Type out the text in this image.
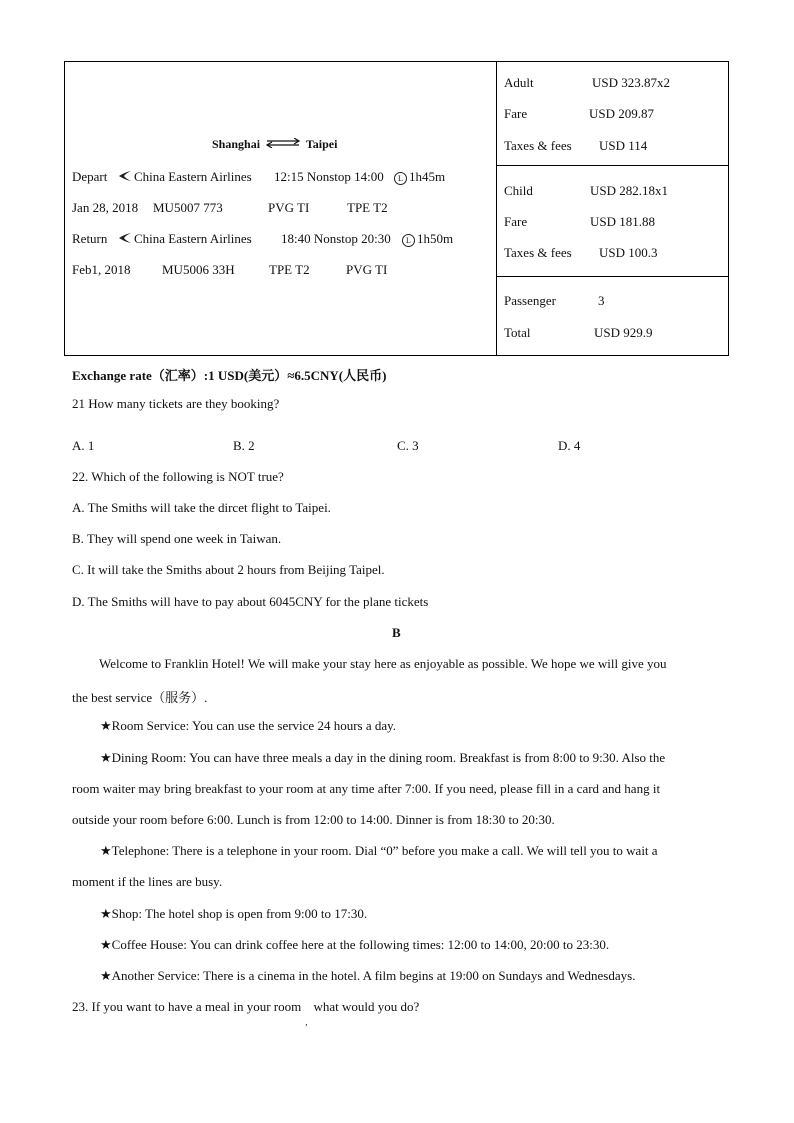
Shanghai	Taipei
Depart	China Eastern Airlines 12:15 Nonstop 14:00	L 1h45m
Jan 28, 2018 MU5007 773	PVG TI	TPE T2
Return	China Eastern Airlines 18:40 Nonstop 20:30	L 1h50m
Feb1, 2018 MU5006 33H	TPE T2	PVG TI
Adult	USD 323.87x2
Fare	USD 209.87
Taxes & fees USD 114
Child	USD 282.18x1
Fare	USD 181.88
Taxes & fees USD 100.3
Passenger	3
Total	USD 929.9
Exchange rate（汇率）:1 USD(美元）≈6.5CNY(人民币)
21 How many tickets are they booking?
A. 1	B. 2	C. 3	D. 4
22. Which of the following is NOT true?
A. The Smiths will take the dircet flight to Taipei.
B. They will spend one week in Taiwan.
C. It will take the Smiths about 2 hours from Beijing Taipel.
D. The Smiths will have to pay about 6045CNY for the plane tickets
B
Welcome to Franklin Hotel! We will make your stay here as enjoyable as possible. We hope we will give you
the best service（服务）.
★Room Service: You can use the service 24 hours a day.
★Dining Room: You can have three meals a day in the dining room. Breakfast is from 8:00 to 9:30. Also the
room waiter may bring breakfast to your room at any time after 7:00. If you need, please fill in a card and hang it
outside your room before 6:00. Lunch is from 12:00 to 14:00. Dinner is from 18:30 to 20:30.
★Telephone: There is a telephone in your room. Dial “0” before you make a call. We will tell you to wait a
moment if the lines are busy.
★Shop: The hotel shop is open from 9:00 to 17:30.
★Coffee House: You can drink coffee here at the following times: 12:00 to 14:00, 20:00 to 23:30.
★Another Service: There is a cinema in the hotel. A film begins at 19:00 on Sundays and Wednesdays.
23. If you want to have a meal in your room,what would you do?
